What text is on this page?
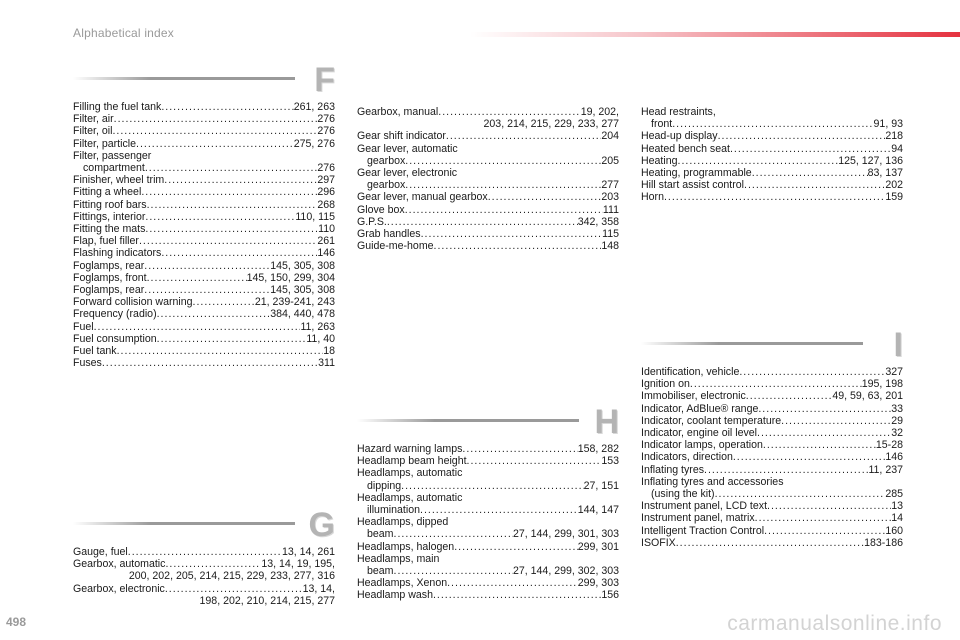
Alphabetical index
F
Filling the fuel tank .....	261, 263
Filter, air .....	276
Filter, oil .....	276
Filter, particle .....	275, 276
Filter, passenger
compartment .....	276
Finisher, wheel trim .....	297
Fitting a wheel .....	296
Fitting roof bars .....	268
Fittings, interior .....	110, 115
Fitting the mats .....	110
Flap, fuel filler .....	261
Flashing indicators .....	146
Foglamps, rear .....	145, 305, 308
Foglamps, front .....	145, 150, 299, 304
Foglamps, rear .....	145, 305, 308
Forward collision warning .....	21, 239-241, 243
Frequency (radio) .....	384, 440, 478
Fuel .....	11, 263
Fuel consumption .....	11, 40
Fuel tank .....	18
Fuses .....	311
G
Gauge, fuel .....	13, 14, 261
Gearbox, automatic .....	13, 14, 19, 195,
200, 202, 205, 214, 215, 229, 233, 277, 316
Gearbox, electronic .....	13, 14,
198, 202, 210, 214, 215, 277
Gearbox, manual .....	19, 202,
203, 214, 215, 229, 233, 277
Gear shift indicator .....	204
Gear lever, automatic
gearbox .....	205
Gear lever, electronic
gearbox .....	277
Gear lever, manual gearbox .....	203
Glove box .....	111
G.P.S. .....	342, 358
Grab handles .....	115
Guide-me-home .....	148
H
Hazard warning lamps .....	158, 282
Headlamp beam height .....	153
Headlamps, automatic
dipping .....	27, 151
Headlamps, automatic
illumination .....	144, 147
Headlamps, dipped
beam .....	27, 144, 299, 301, 303
Headlamps, halogen .....	299, 301
Headlamps, main
beam .....	27, 144, 299, 302, 303
Headlamps, Xenon .....	299, 303
Headlamp wash .....	156
Head restraints,
front .....	91, 93
Head-up display .....	218
Heated bench seat .....	94
Heating .....	125, 127, 136
Heating, programmable .....	83, 137
Hill start assist control .....	202
Horn .....	159
I
Identification, vehicle .....	327
Ignition on .....	195, 198
Immobiliser, electronic .....	49, 59, 63, 201
Indicator, AdBlue® range .....	33
Indicator, coolant temperature .....	29
Indicator, engine oil level .....	32
Indicator lamps, operation .....	15-28
Indicators, direction .....	146
Inflating tyres .....	11, 237
Inflating tyres and accessories
(using the kit) .....	285
Instrument panel, LCD text .....	13
Instrument panel, matrix .....	14
Intelligent Traction Control .....	160
ISOFIX .....	183-186
498	carmanualsonline.info
